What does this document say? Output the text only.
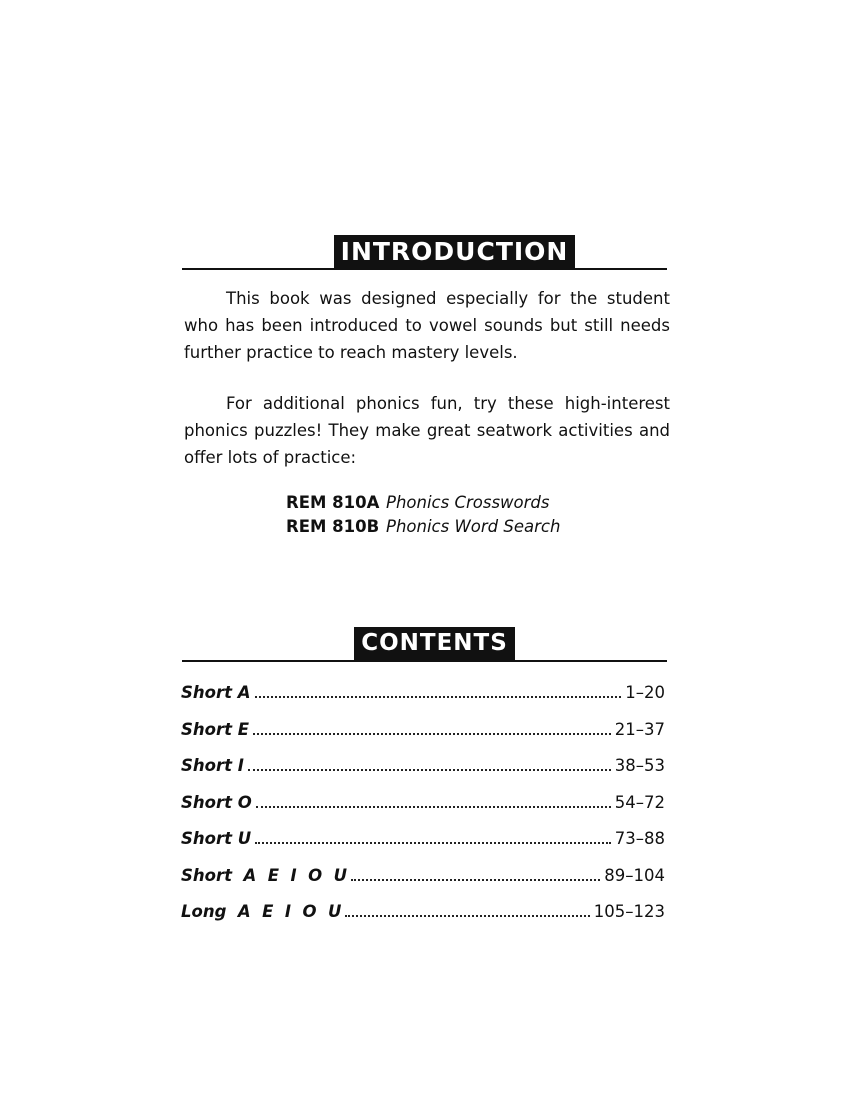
INTRODUCTION

This book was designed especially for the student who has been introduced to vowel sounds but still needs further practice to reach mastery levels.

For additional phonics fun, try these high-interest phonics puzzles! They make great seatwork activities and offer lots of practice:

REM 810A Phonics Crosswords
REM 810B Phonics Word Search
CONTENTS
Short A	1–20
Short E	21–37
Short I	38–53
Short O	54–72
Short U	73–88
Short  A  E  I  O  U	89–104
Long  A  E  I  O  U	105–123
